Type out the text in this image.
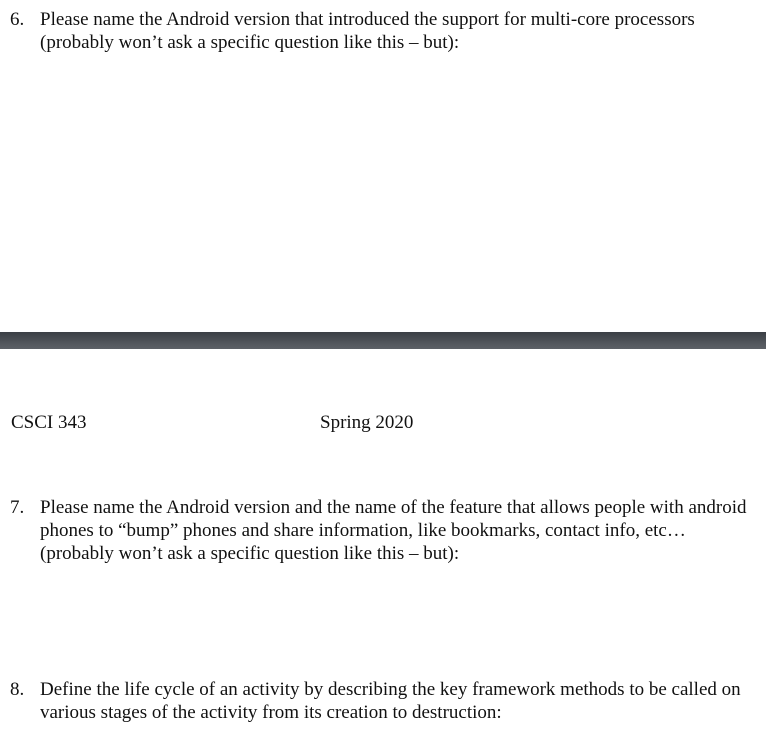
6. Please name the Android version that introduced the support for multi-core processors (probably won’t ask a specific question like this – but):
CSCI 343	Spring 2020
7. Please name the Android version and the name of the feature that allows people with android phones to “bump” phones and share information, like bookmarks, contact info, etc… (probably won’t ask a specific question like this – but):
8. Define the life cycle of an activity by describing the key framework methods to be called on various stages of the activity from its creation to destruction:
